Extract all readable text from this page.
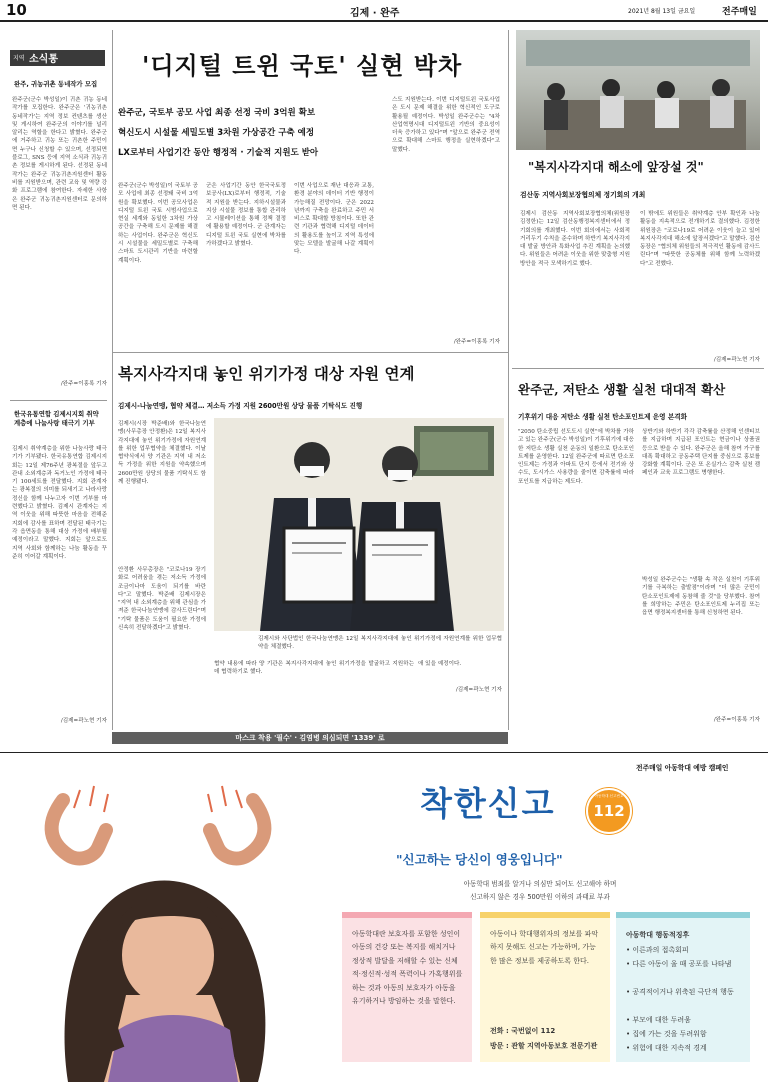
10	김제 · 완주	2021년 8월 13일 금요일	전주매일
지역 소식통
완주, 귀농귀촌 동네작가 모집
완주군(군수 박성일)이 귀촌 귀농 동네작가를 모집한다. 완주군은 '귀농귀촌 동네작가'는 지역 정보 컨텐츠를 생산 및 게시하여 완주군의 이야기를 널리 알리는 역할을 한다고 밝혔다. 완주군에 거주하고 귀농 또는 귀촌한 주민이면 누구나 신청할 수 있으며, 선정되면 블로그, SNS 등에 지역 소식과 귀농귀촌 정보를 게시하게 된다. 선정된 동네작가는 완주군 귀농귀촌지원센터 활동비를 지원받으며, 관련 교육 및 역량 강화 프로그램에 참여한다. 자세한 사항은 완주군 귀농귀촌지원센터로 문의하면 된다.
/완주=이홍록 기자
한국유통연합 김제시지회 취약계층에 나눔사랑 태극기 기부
김제시 취약계층을 위한 나눔사랑 태극기가 기부됐다. 한국유통연합 김제시지회는 12일 제76주년 광복절을 앞두고 관내 소외계층과 독거노인 가정에 태극기 100세트를 전달했다. 지회 관계자는 광복절의 의미를 되새기고 나라사랑 정신을 함께 나누고자 이번 기부를 마련했다고 밝혔다. 김제시 관계자는 지역 이웃을 위해 따뜻한 마음을 전해준 지회에 감사를 표하며 전달된 태극기는 각 읍면동을 통해 대상 가정에 배부될 예정이라고 말했다. 지회는 앞으로도 지역 사회와 함께하는 나눔 활동을 꾸준히 이어갈 계획이다.
/김제=곽노현 기자
'디지털 트윈 국토' 실현 박차
완주군, 국토부 공모 사업 최종 선정 국비 3억원 확보
혁신도시 시설물 세밀도별 3차원 가상공간 구축 예정
LX로부터 사업기간 동안 행정적 · 기술적 지원도 받아
완주군(군수 박성일)이 국토부 공모 사업에 최종 선정돼 국비 3억원을 확보했다. 이번 공모사업은 디지털 트윈 국토 시범사업으로 현실 세계와 동일한 3차원 가상공간을 구축해 도시 문제를 해결하는 사업이다. 완주군은 혁신도시 시설물을 세밀도별로 구축해 스마트 도시관리 기반을 마련할 계획이다.
군은 사업기간 동안 한국국토정보공사(LX)로부터 행정적, 기술적 지원을 받는다. 지하시설물과 지상 시설물 정보를 통합 관리하고 시뮬레이션을 통해 정책 결정에 활용할 예정이다. 군 관계자는 디지털 트윈 국토 실현에 박차를 가하겠다고 밝혔다.
이번 사업으로 재난 대응과 교통, 환경 분야의 데이터 기반 행정이 가능해질 전망이다. 군은 2022년까지 구축을 완료하고 주민 서비스로 확대할 방침이다. 또한 관련 기관과 협력해 디지털 데이터의 활용도를 높이고 지역 특성에 맞는 모델을 발굴해 나갈 계획이다.
스도 지원받는다. 이번 디지털트윈 국토사업은 도시 문제 해결을 위한 혁신적인 도구로 활용될 예정이다. 박성일 완주군수는 "4차 산업혁명시대 디지털트윈 기반의 중요성이 더욱 증가하고 있다"며 "앞으로 완주군 전역으로 확대해 스마트 행정을 실현하겠다"고 말했다.
/완주=이홍록 기자
"복지사각지대 해소에 앞장설 것"
검산동 지역사회보장협의체 정기회의 개최
김제시 검산동 지역사회보장협의체(위원장 김정한)는 12일 검산동행정복지센터에서 정기회의를 개최했다. 이번 회의에서는 사회적 거리두기 수칙을 준수하며 하반기 복지사각지대 발굴 방안과 특화사업 추진 계획을 논의했다. 위원들은 어려운 이웃을 위한 맞춤형 지원 방안을 적극 모색하기로 했다.
이 밖에도 위원들은 취약계층 안부 확인과 나눔 활동을 지속적으로 전개하기로 결의했다. 김정한 위원장은 "코로나19로 어려운 이웃이 늘고 있어 복지사각지대 해소에 앞장서겠다"고 말했다. 검산동장은 "협의체 위원들의 적극적인 활동에 감사드린다"며 "따뜻한 공동체를 위해 함께 노력하겠다"고 전했다.
/김제=곽노현 기자
복지사각지대 놓인 위기가정 대상 자원 연계
김제시-나눔연맹, 협약 체결… 저소득 가정 지원 2600만원 상당 물품 기탁식도 진행
김제시(시장 박준배)와 한국나눔연맹(사무총장 안정환)은 12일 복지사각지대에 놓인 위기가정에 자원연계를 위한 업무협약을 체결했다. 이날 협약식에서 양 기관은 지역 내 저소득 가정을 위한 지원을 약속했으며 2600만원 상당의 물품 기탁식도 함께 진행됐다.
안정환 사무총장은 "코로나19 장기화로 어려움을 겪는 저소득 가정에 조금이나마 도움이 되기를 바란다"고 말했다. 박준배 김제시장은 "지역 내 소외계층을 위해 관심을 가져준 한국나눔연맹에 감사드린다"며 "기탁 물품은 도움이 필요한 가정에 신속히 전달하겠다"고 밝혔다.
김제시와 사단법인 한국나눔연맹은 12일 복지사각지대에 놓인 위기가정에 자원연계를 위한 업무협약을 체결했다.
협약 내용에 따라 양 기관은 복지사각지대에 놓인 위기가정을 발굴하고 지원하는 데 협력하기로 했다.
애 있을 예정이다.
/김제=곽노현 기자
완주군, 저탄소 생활 실천 대대적 확산
기후위기 대응 저탄소 생활 실천 탄소포인트제 운영 본격화
"2050 탄소중립 선도도시 실현"에 박차를 가하고 있는 완주군(군수 박성일)이 기후위기에 대응한 저탄소 생활 실천 운동의 일환으로 탄소포인트제를 운영한다. 12일 완주군에 따르면 탄소포인트제는 가정과 아파트 단지 등에서 전기와 상수도, 도시가스 사용량을 줄이면 감축률에 따라 포인트를 지급하는 제도다.
상반기와 하반기 각각 감축률을 산정해 인센티브를 지급하며 지급된 포인트는 현금이나 상품권 등으로 받을 수 있다. 완주군은 올해 참여 가구를 대폭 확대하고 공동주택 단지를 중심으로 홍보를 강화할 계획이다. 군은 또 온실가스 감축 실천 캠페인과 교육 프로그램도 병행한다.
박성일 완주군수는 "생활 속 작은 실천이 기후위기를 극복하는 출발점"이라며 "더 많은 군민이 탄소포인트제에 동참해 줄 것"을 당부했다. 참여를 희망하는 주민은 탄소포인트제 누리집 또는 읍면 행정복지센터를 통해 신청하면 된다.
/완주=이홍록 기자
마스크 착용 '필수' · 김염병 의심되면 '1339' 로
전주매일 아동학대 예방 캠페인
착한신고	아동학대 신고번호
112
"신고하는 당신이 영웅입니다"
아동학대 범죄를 알거나 의심만 되어도 신고해야 하며
신고하지 않은 경우 500만원 이하의 과태료 부과
아동학대란 보호자를 포함한 성인이 아동의 건강 또는 복지를 해치거나 정상적 발달을 저해할 수 있는 신체적·정신적·성적 폭력이나 가혹행위를 하는 것과 아동의 보호자가 아동을 유기하거나 방임하는 것을 말한다.
아동이나 학대행위자의 정보를 파악하지 못해도 신고는 가능하며, 가능한 많은 정보를 제공하도록 한다.
전화 : 국번없이 112
방문 : 관할 지역아동보호 전문기관
아동학대 행동적징후
• 이른과의 접촉회피
• 다른 아동이 울 때 공포를 나타냄
• 공격적이거나 위축된 극단적 행동
• 부모에 대한 두려움
• 집에 가는 것을 두려워함
• 위험에 대한 지속적 경계
